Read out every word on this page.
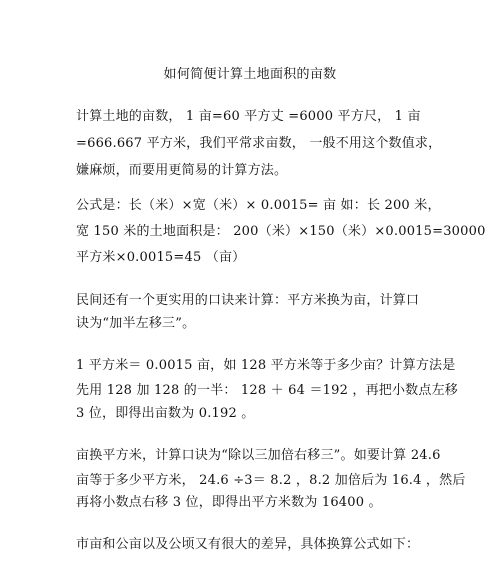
如何简便计算土地面积的亩数
计算土地的亩数， 1 亩=60 平方丈 =6000 平方尺， 1 亩
=666.667 平方米，我们平常求亩数， 一般不用这个数值求，
嫌麻烦，而要用更简易的计算方法。
公式是：长（米）×宽（米）× 0.0015= 亩 如：长 200 米，
宽 150 米的土地面积是： 200（米）×150（米）×0.0015=30000
平方米×0.0015=45 （亩）
民间还有一个更实用的口诀来计算：平方米换为亩，计算口
诀为“加半左移三”。
1 平方米＝ 0.0015 亩，如 128 平方米等于多少亩？计算方法是
先用 128 加 128 的一半： 128 ＋ 64 ＝192 ，再把小数点左移
3 位，即得出亩数为 0.192 。
亩换平方米，计算口诀为“除以三加倍右移三”。如要计算 24.6
亩等于多少平方米， 24.6 ÷3＝ 8.2 ，8.2 加倍后为 16.4 ，然后
再将小数点右移 3 位，即得出平方米数为 16400 。
市亩和公亩以及公顷又有很大的差异，具体换算公式如下：
